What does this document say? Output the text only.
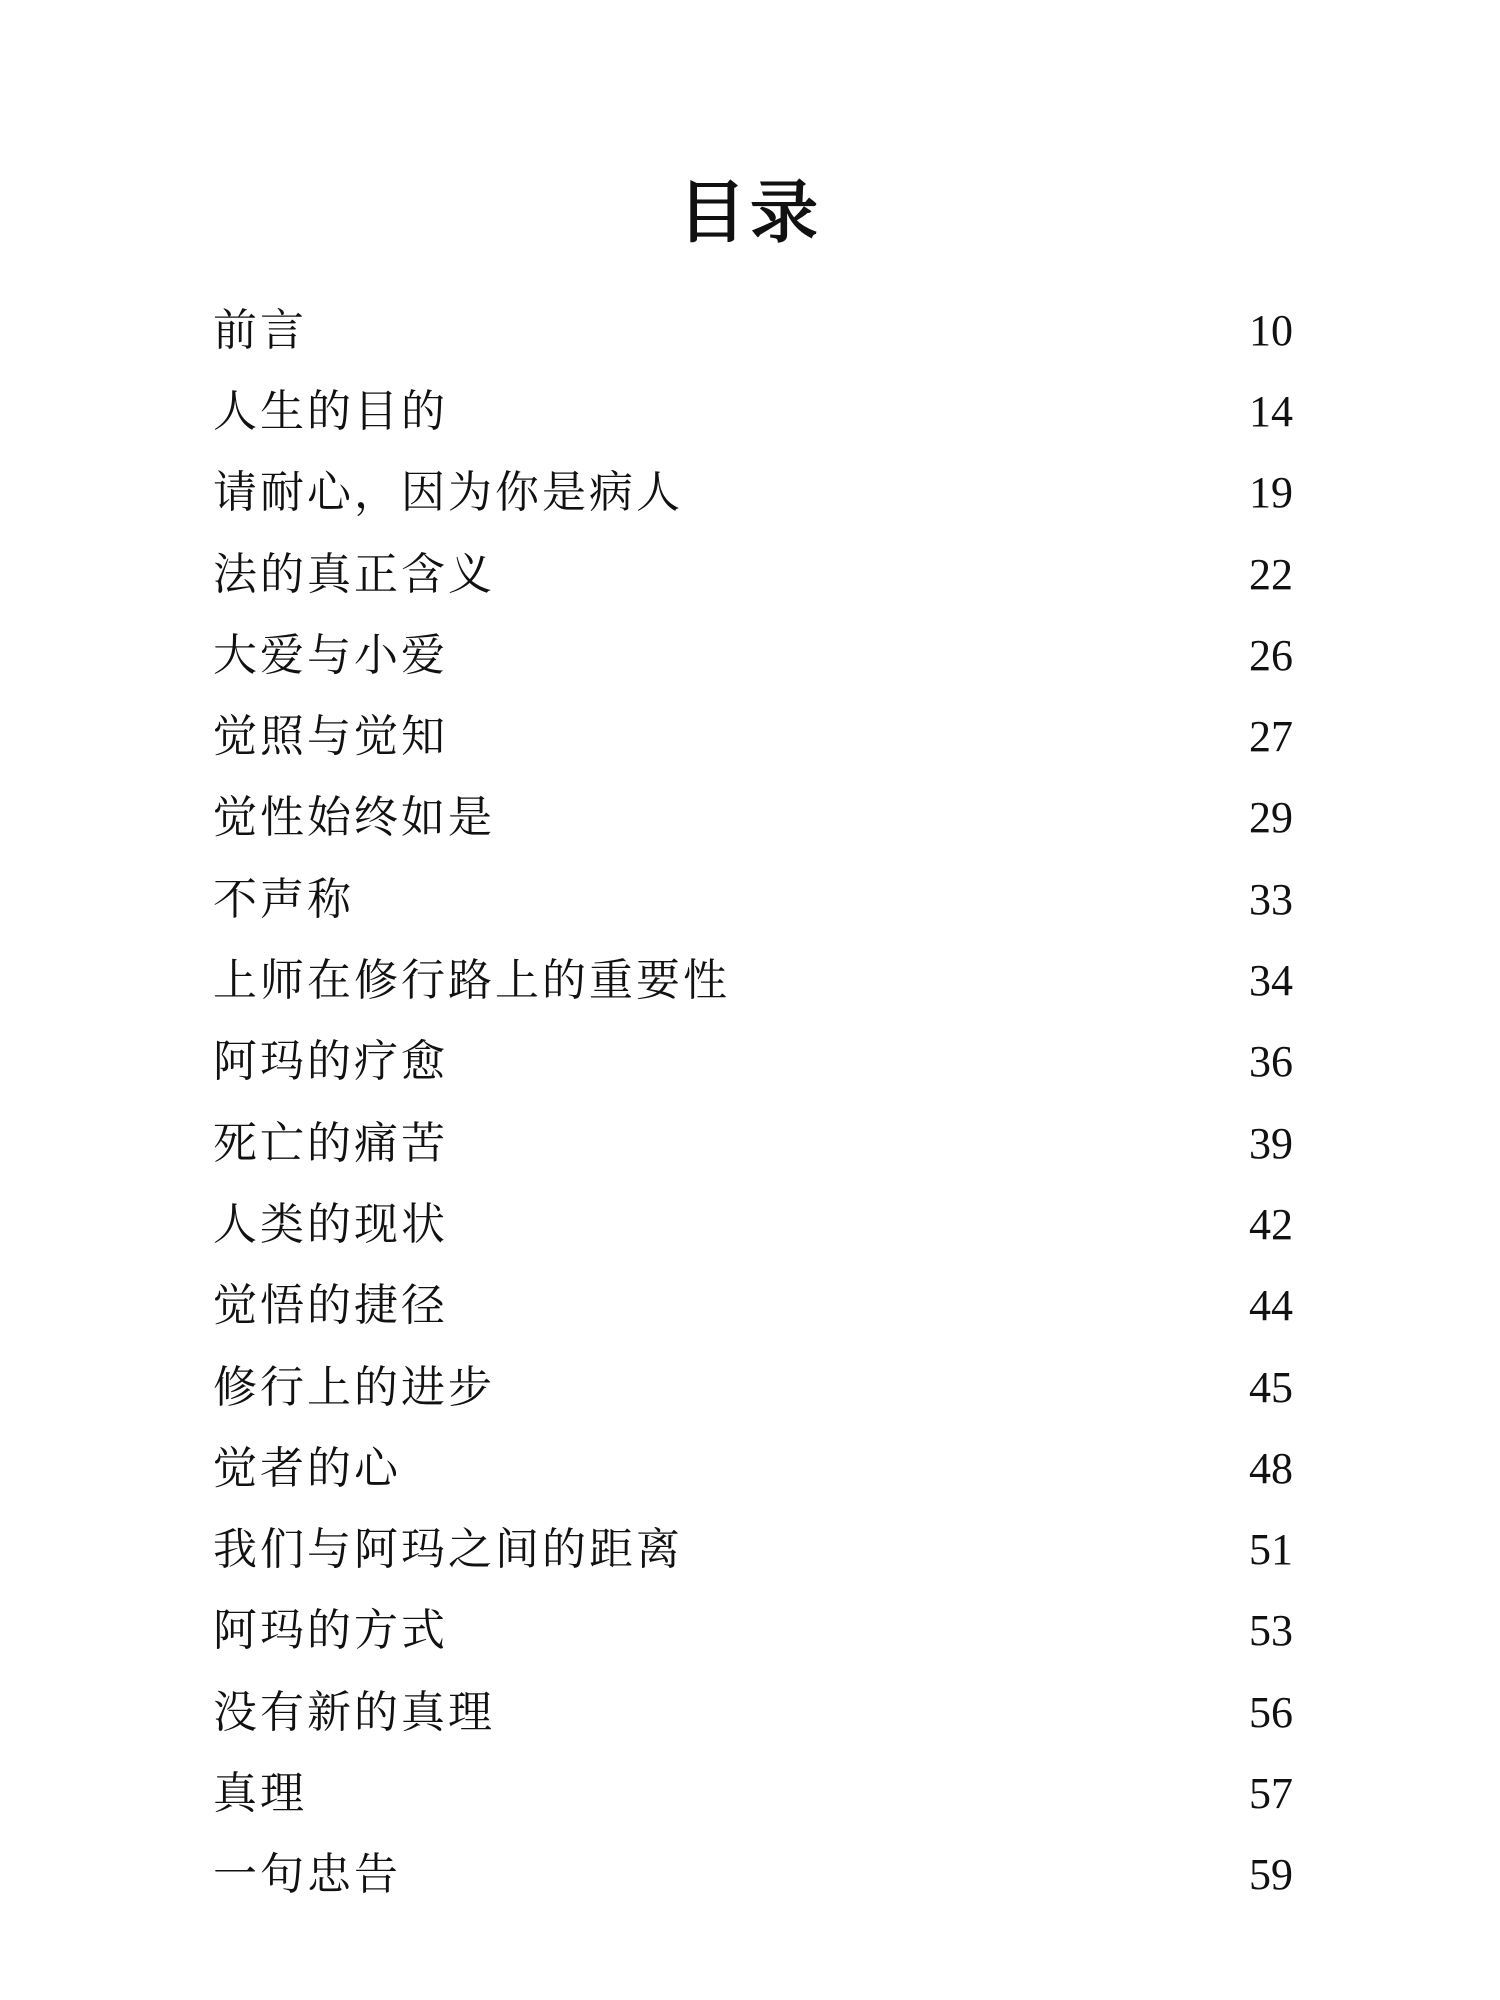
目录
前言	10
人生的目的	14
请耐心，因为你是病人	19
法的真正含义	22
大爱与小爱	26
觉照与觉知	27
觉性始终如是	29
不声称	33
上师在修行路上的重要性	34
阿玛的疗愈	36
死亡的痛苦	39
人类的现状	42
觉悟的捷径	44
修行上的进步	45
觉者的心	48
我们与阿玛之间的距离	51
阿玛的方式	53
没有新的真理	56
真理	57
一句忠告	59
